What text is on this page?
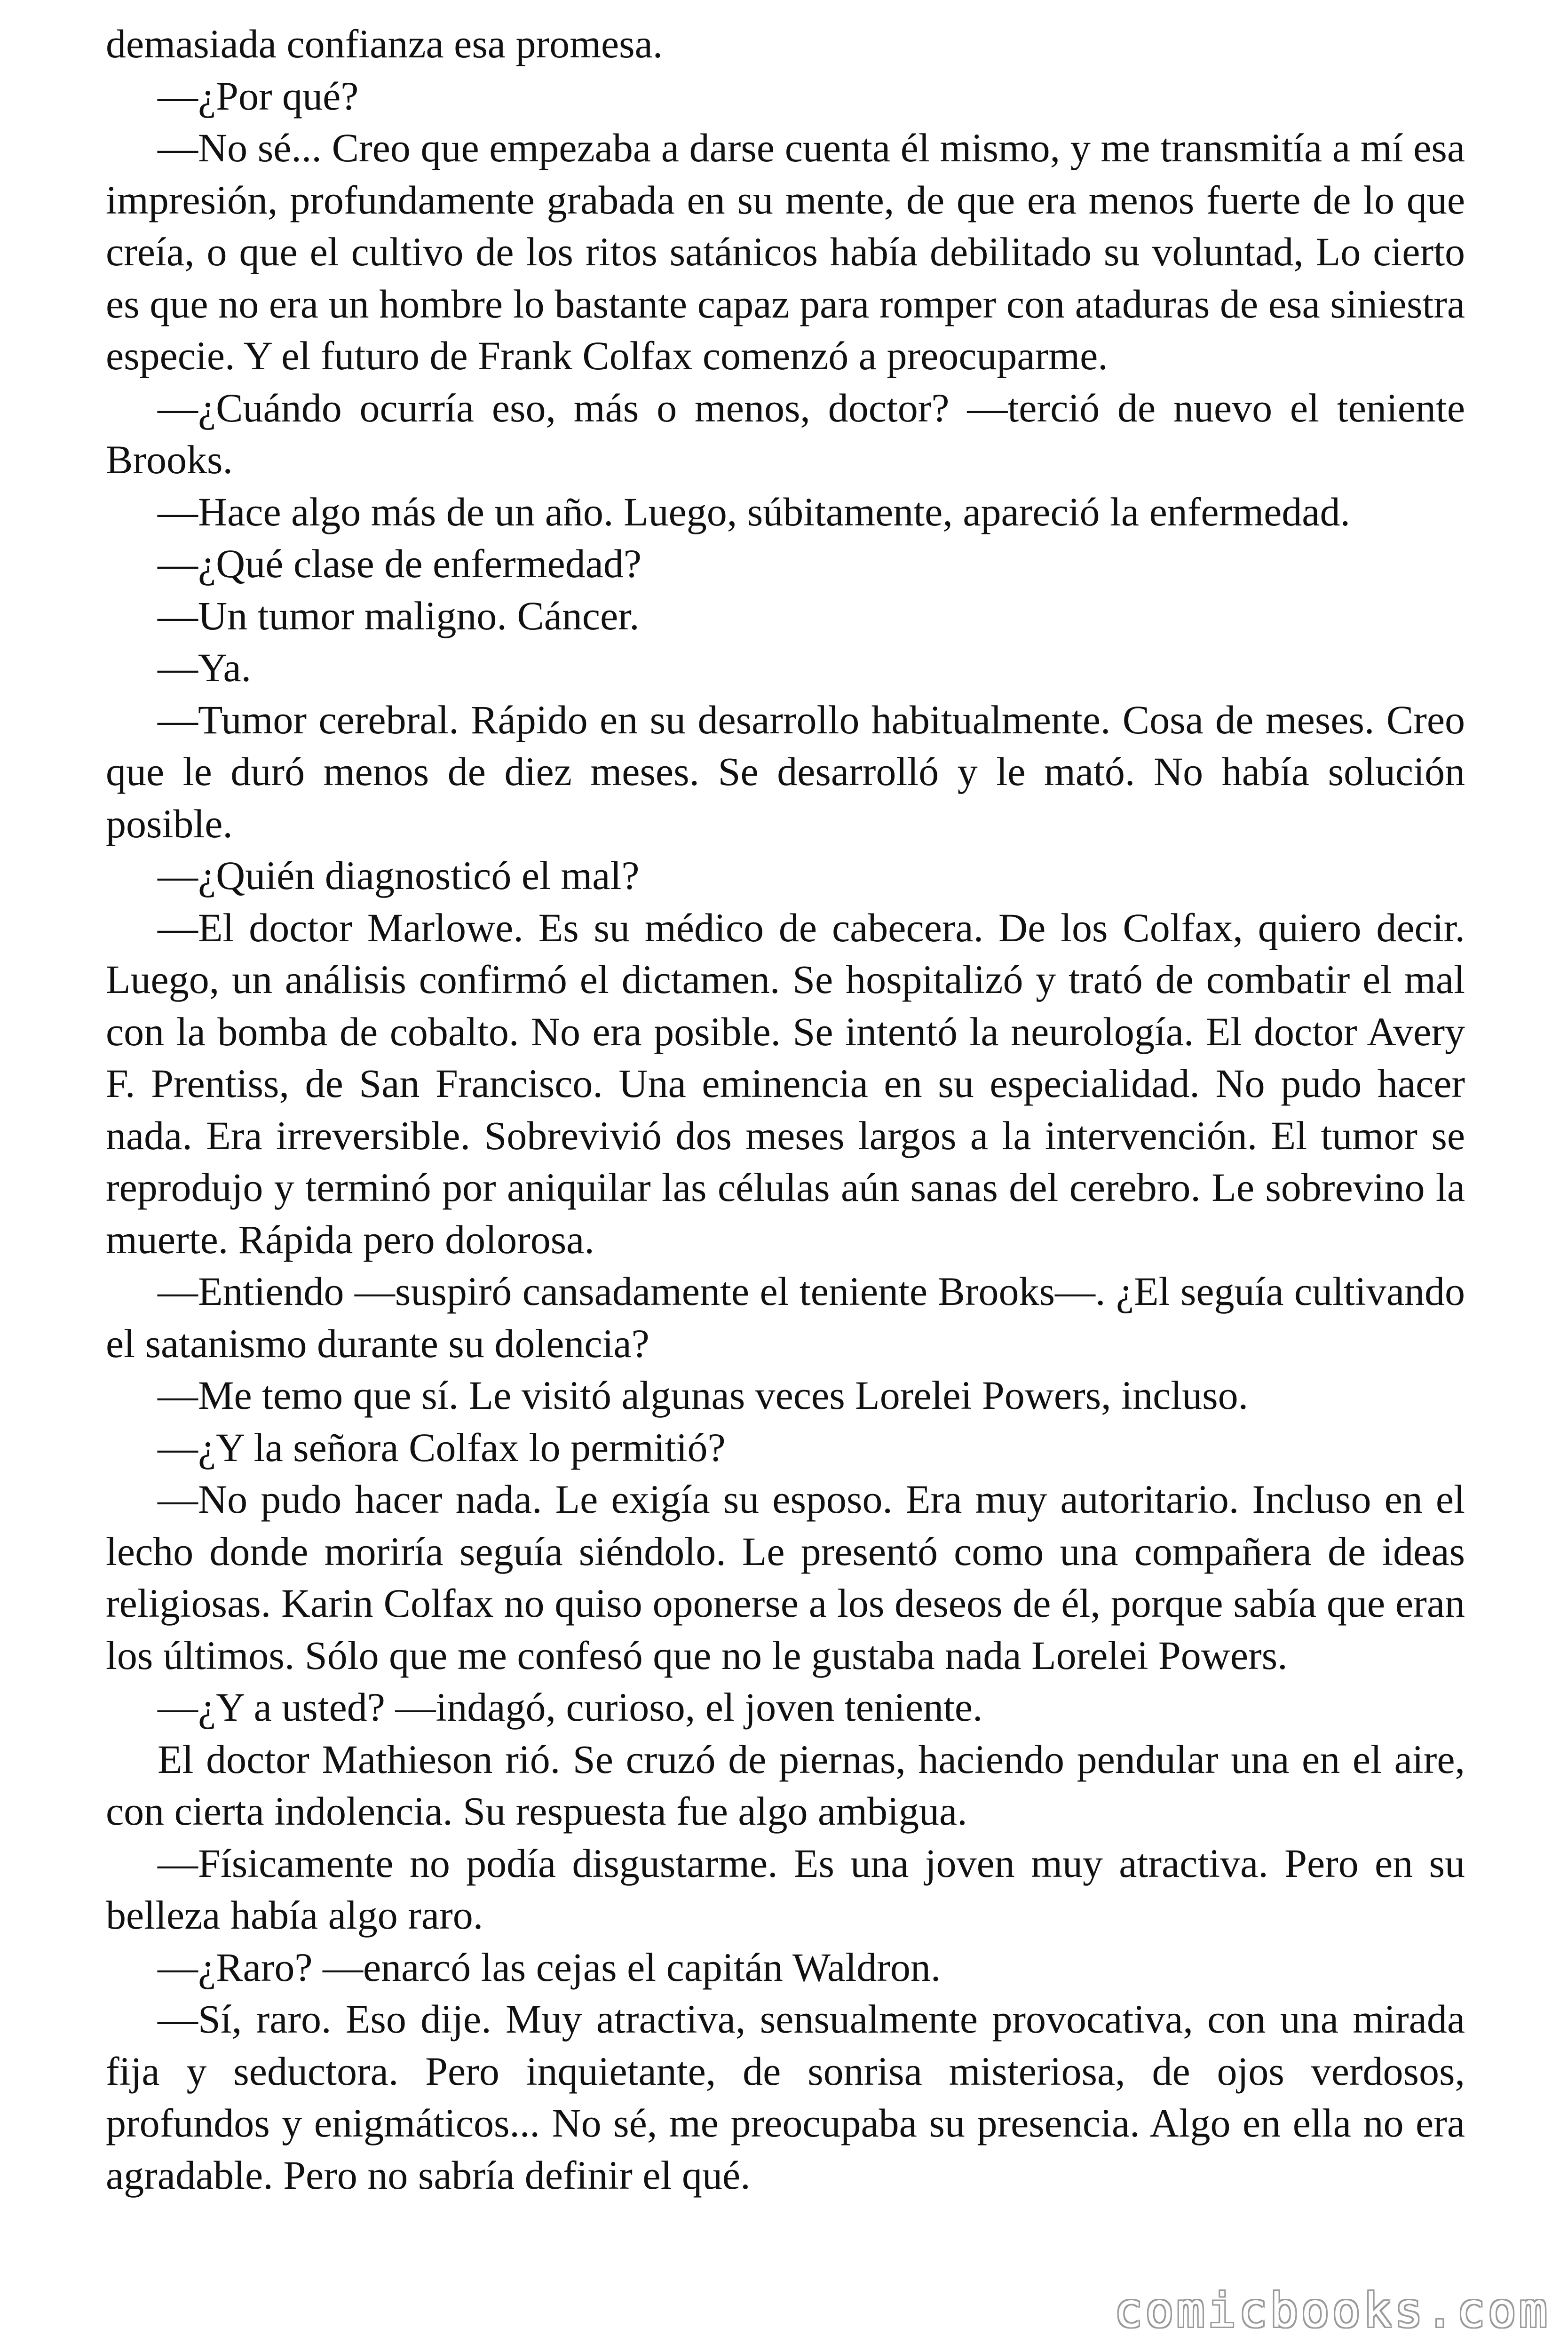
demasiada confianza esa promesa.

—¿Por qué?

—No sé... Creo que empezaba a darse cuenta él mismo, y me transmitía a mí esa impresión, profundamente grabada en su mente, de que era menos fuerte de lo que creía, o que el cultivo de los ritos satánicos había debilitado su voluntad, Lo cierto es que no era un hombre lo bastante capaz para romper con ataduras de esa siniestra especie. Y el futuro de Frank Colfax comenzó a preocuparme.

—¿Cuándo ocurría eso, más o menos, doctor? —terció de nuevo el teniente Brooks.

—Hace algo más de un año. Luego, súbitamente, apareció la enfermedad.

—¿Qué clase de enfermedad?

—Un tumor maligno. Cáncer.

—Ya.

—Tumor cerebral. Rápido en su desarrollo habitualmente. Cosa de meses. Creo que le duró menos de diez meses. Se desarrolló y le mató. No había solución posible.

—¿Quién diagnosticó el mal?

—El doctor Marlowe. Es su médico de cabecera. De los Colfax, quiero decir. Luego, un análisis confirmó el dictamen. Se hospitalizó y trató de combatir el mal con la bomba de cobalto. No era posible. Se intentó la neurología. El doctor Avery F. Prentiss, de San Francisco. Una eminencia en su especialidad. No pudo hacer nada. Era irreversible. Sobrevivió dos meses largos a la intervención. El tumor se reprodujo y terminó por aniquilar las células aún sanas del cerebro. Le sobrevino la muerte. Rápida pero dolorosa.

—Entiendo —suspiró cansadamente el teniente Brooks—. ¿El seguía cultivando el satanismo durante su dolencia?

—Me temo que sí. Le visitó algunas veces Lorelei Powers, incluso.

—¿Y la señora Colfax lo permitió?

—No pudo hacer nada. Le exigía su esposo. Era muy autoritario. Incluso en el lecho donde moriría seguía siéndolo. Le presentó como una compañera de ideas religiosas. Karin Colfax no quiso oponerse a los deseos de él, porque sabía que eran los últimos. Sólo que me confesó que no le gustaba nada Lorelei Powers.

—¿Y a usted? —indagó, curioso, el joven teniente.

El doctor Mathieson rió. Se cruzó de piernas, haciendo pendular una en el aire, con cierta indolencia. Su respuesta fue algo ambigua.

—Físicamente no podía disgustarme. Es una joven muy atractiva. Pero en su belleza había algo raro.

—¿Raro? —enarcó las cejas el capitán Waldron.

—Sí, raro. Eso dije. Muy atractiva, sensualmente provocativa, con una mirada fija y seductora. Pero inquietante, de sonrisa misteriosa, de ojos verdosos, profundos y enigmáticos... No sé, me preocupaba su presencia. Algo en ella no era agradable. Pero no sabría definir el qué.

comicbooks.com
